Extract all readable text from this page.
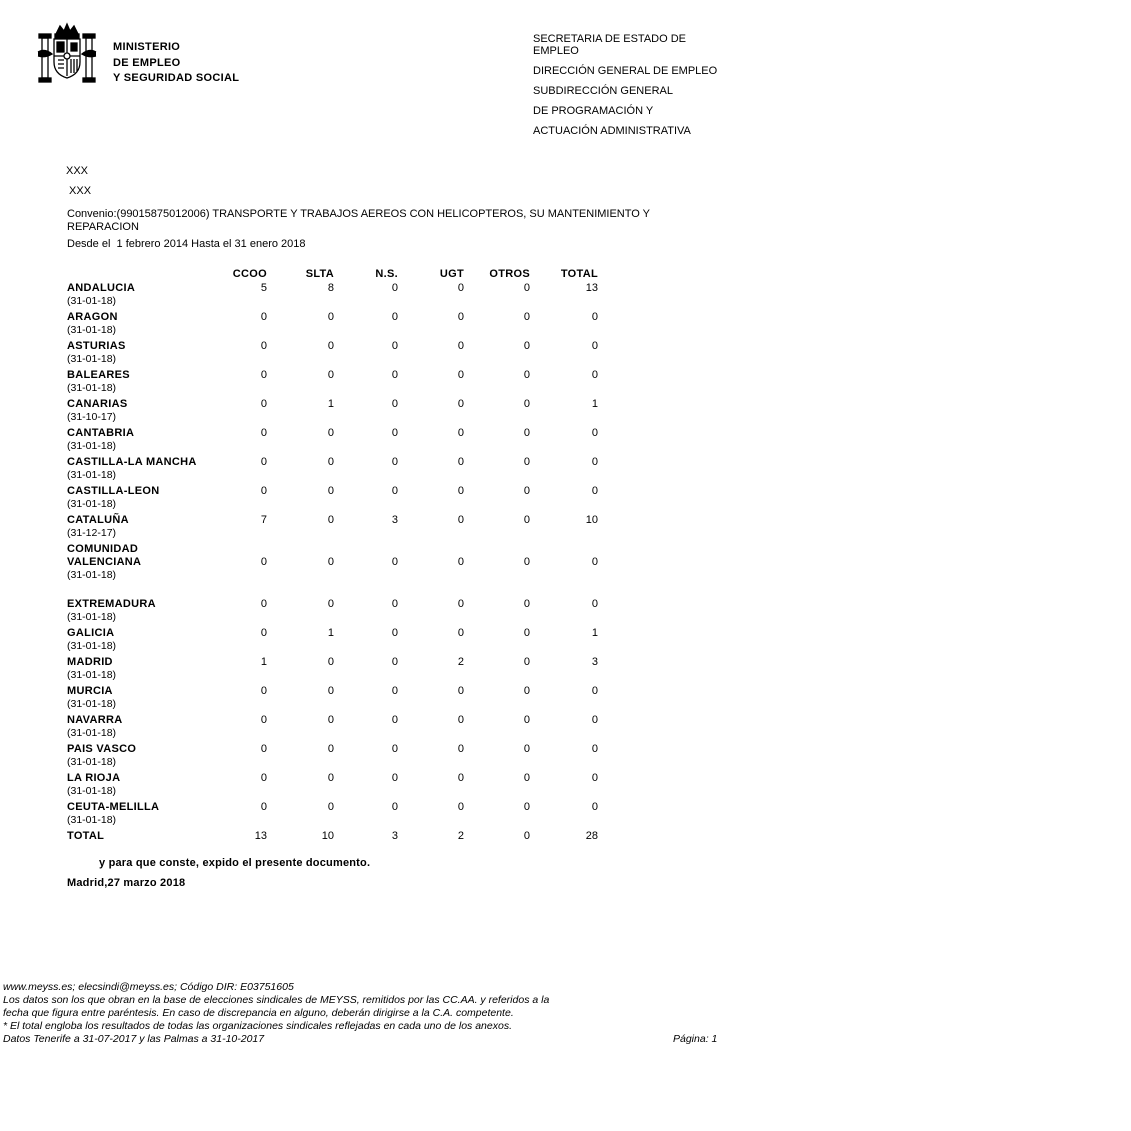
MINISTERIO
DE EMPLEO
Y SEGURIDAD SOCIAL
SECRETARIA DE ESTADO DE
EMPLEO
DIRECCIÓN GENERAL DE EMPLEO
SUBDIRECCIÓN GENERAL
DE PROGRAMACIÓN Y
ACTUACIÓN ADMINISTRATIVA
XXX
XXX
Convenio:(99015875012006) TRANSPORTE Y TRABAJOS AEREOS CON HELICOPTEROS, SU MANTENIMIENTO Y REPARACION
Desde el  1 febrero 2014 Hasta el 31 enero 2018
	CCOO	SLTA	N.S.	UGT	OTROS	TOTAL

ANDALUCIA
(31-01-18)	5	8	0	0	0	13

ARAGON
(31-01-18)	0	0	0	0	0	0

ASTURIAS
(31-01-18)	0	0	0	0	0	0

BALEARES
(31-01-18)	0	0	0	0	0	0

CANARIAS
(31-10-17)	0	1	0	0	0	1

CANTABRIA
(31-01-18)	0	0	0	0	0	0

CASTILLA-LA MANCHA
(31-01-18)	0	0	0	0	0	0

CASTILLA-LEON
(31-01-18)	0	0	0	0	0	0

CATALUÑA
(31-12-17)	7	0	3	0	0	10

COMUNIDAD VALENCIANA
(31-01-18)	0	0	0	0	0	0

EXTREMADURA
(31-01-18)	0	0	0	0	0	0

GALICIA
(31-01-18)	0	1	0	0	0	1

MADRID
(31-01-18)	1	0	0	2	0	3

MURCIA
(31-01-18)	0	0	0	0	0	0

NAVARRA
(31-01-18)	0	0	0	0	0	0

PAIS VASCO
(31-01-18)	0	0	0	0	0	0

LA RIOJA
(31-01-18)	0	0	0	0	0	0

CEUTA-MELILLA
(31-01-18)	0	0	0	0	0	0

TOTAL	13	10	3	2	0	28
y para que conste, expido el presente documento.
Madrid,27 marzo 2018
www.meyss.es; elecsindi@meyss.es; Código DIR: E03751605
Los datos son los que obran en la base de elecciones sindicales de MEYSS, remitidos por las CC.AA. y referidos a la
fecha que figura entre paréntesis. En caso de discrepancia en alguno, deberán dirigirse a la C.A. competente.
* El total engloba los resultados de todas las organizaciones sindicales reflejadas en cada uno de los anexos.
Datos Tenerife a 31-07-2017 y las Palmas a 31-10-2017	Página: 1
